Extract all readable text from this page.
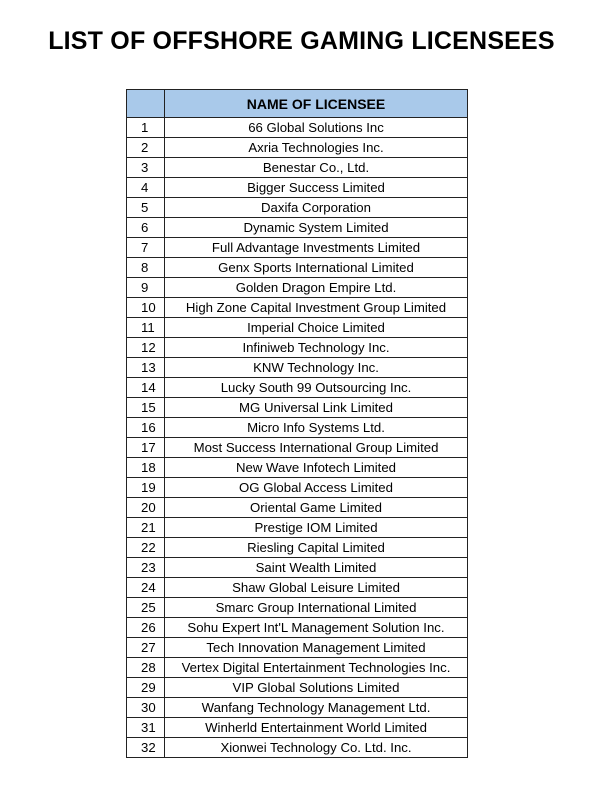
LIST OF OFFSHORE GAMING LICENSEES
	NAME OF LICENSEE
1	66 Global Solutions Inc
2	Axria Technologies Inc.
3	Benestar Co., Ltd.
4	Bigger Success Limited
5	Daxifa Corporation
6	Dynamic System Limited
7	Full Advantage Investments Limited
8	Genx Sports International Limited
9	Golden Dragon Empire Ltd.
10	High Zone Capital Investment Group Limited
11	Imperial Choice Limited
12	Infiniweb Technology Inc.
13	KNW Technology Inc.
14	Lucky South 99 Outsourcing Inc.
15	MG Universal Link Limited
16	Micro Info Systems Ltd.
17	Most Success International Group Limited
18	New Wave Infotech Limited
19	OG Global Access Limited
20	Oriental Game Limited
21	Prestige IOM Limited
22	Riesling Capital Limited
23	Saint Wealth Limited
24	Shaw Global Leisure Limited
25	Smarc Group International Limited
26	Sohu Expert Int'L Management Solution Inc.
27	Tech Innovation Management Limited
28	Vertex Digital Entertainment Technologies Inc.
29	VIP Global Solutions Limited
30	Wanfang Technology Management Ltd.
31	Winherld Entertainment World Limited
32	Xionwei Technology Co. Ltd. Inc.
